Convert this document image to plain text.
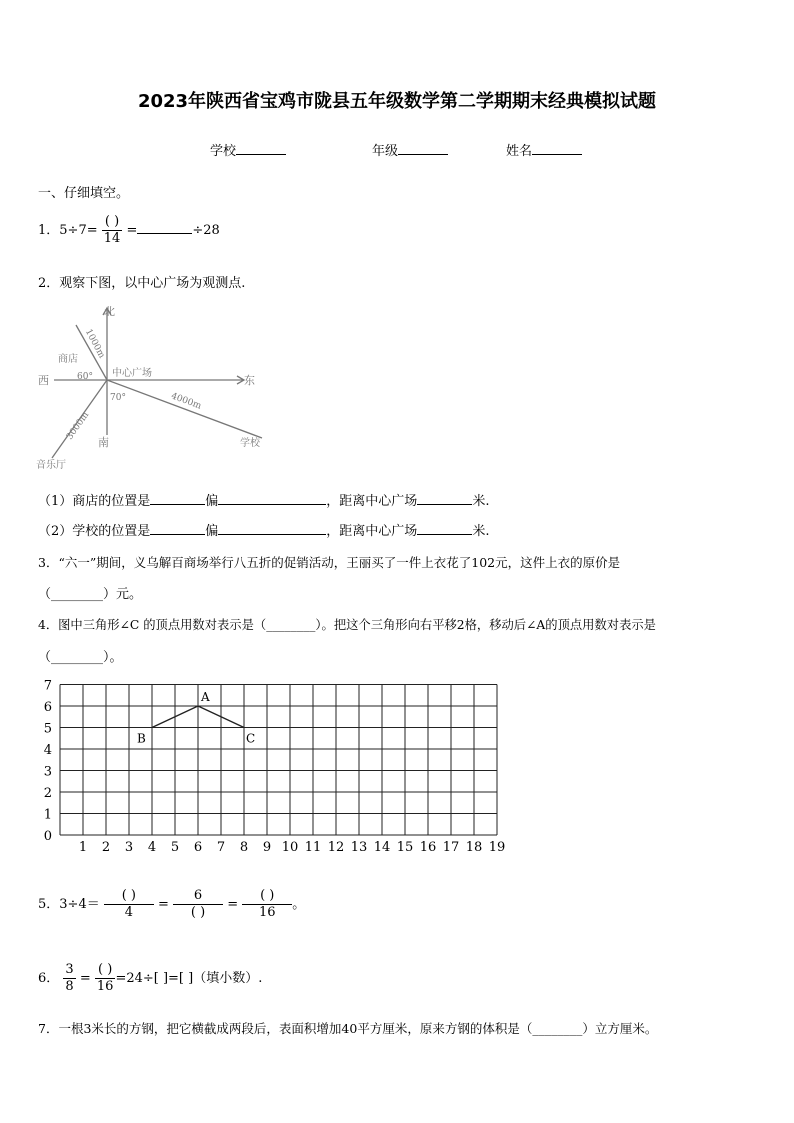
2023年陕西省宝鸡市陇县五年级数学第二学期期末经典模拟试题
学校	年级	姓名
一、仔细填空。
1．$5\div 7= \frac{( )}{14}$ =	÷28
2．观察下图，以中心广场为观测点.
北
西	东
南
中心广场
商店
学校
音乐厅
1000m
4000m
3000m
60°
70°
（1）商店的位置是	偏	，距离中心广场	米.
（2）学校的位置是	偏	，距离中心广场	米.
3．“六一”期间，义乌解百商场举行八五折的促销活动，王丽买了一件上衣花了102元，这件上衣的原价是
（________）元。
4．图中三角形∠C 的顶点用数对表示是（________）。把这个三角形向右平移2格，移动后∠A的顶点用数对表示是
（________）。
1 2 3 4 5 6 7 8 9 10 11 12 13 14 15 16 17 18 19
0
1
2
3
4
5
6
7
A
B	C
5．$3\div 4= \frac{( )}{4} = \frac{6}{( )} = \frac{( )}{16}$ 。
6． $\frac{3}{8} = \frac{( )}{16} =24\div$[ ]=[ ]（填小数）.
7．一根3米长的方钢，把它横截成两段后，表面积增加40平方厘米，原来方钢的体积是（________）立方厘米。
